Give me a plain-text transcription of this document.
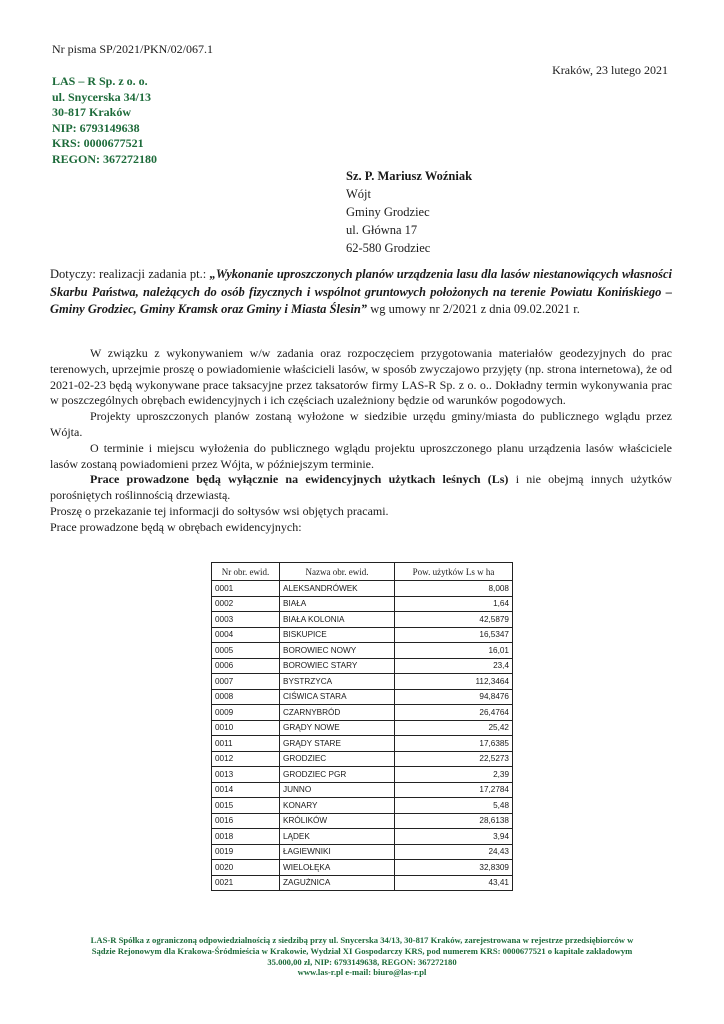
Nr pisma SP/2021/PKN/02/067.1
Kraków, 23 lutego 2021
LAS – R Sp. z o. o.
ul. Snycerska 34/13
30-817 Kraków
NIP: 6793149638
KRS: 0000677521
REGON: 367272180
Sz. P. Mariusz Woźniak
Wójt
Gminy Grodziec
ul. Główna 17
62-580 Grodziec
Dotyczy: realizacji zadania pt.: „Wykonanie uproszczonych planów urządzenia lasu dla lasów niestanowiących własności Skarbu Państwa, należących do osób fizycznych i wspólnot gruntowych położonych na terenie Powiatu Konińskiego – Gminy Grodziec, Gminy Kramsk oraz Gminy i Miasta Ślesin” wg umowy nr 2/2021 z dnia 09.02.2021 r.

W związku z wykonywaniem w/w zadania oraz rozpoczęciem przygotowania materiałów geodezyjnych do prac terenowych, uprzejmie proszę o powiadomienie właścicieli lasów, w sposób zwyczajowo przyjęty (np. strona internetowa), że od 2021-02-23 będą wykonywane prace taksacyjne przez taksatorów firmy LAS-R Sp. z o. o.. Dokładny termin wykonywania prac w poszczególnych obrębach ewidencyjnych i ich częściach uzależniony będzie od warunków pogodowych.

Projekty uproszczonych planów zostaną wyłożone w siedzibie urzędu gminy/miasta do publicznego wglądu przez Wójta.

O terminie i miejscu wyłożenia do publicznego wglądu projektu uproszczonego planu urządzenia lasów właściciele lasów zostaną powiadomieni przez Wójta, w późniejszym terminie.

Prace prowadzone będą wyłącznie na ewidencyjnych użytkach leśnych (Ls) i nie obejmą innych użytków porośniętych roślinnością drzewiastą.

Proszę o przekazanie tej informacji do sołtysów wsi objętych pracami.

Prace prowadzone będą w obrębach ewidencyjnych:

Nr obr. ewid.	Nazwa obr. ewid.	Pow. użytków Ls w ha
0001	ALEKSANDRÓWEK	8,008
0002	BIAŁA	1,64
0003	BIAŁA KOLONIA	42,5879
0004	BISKUPICE	16,5347
0005	BOROWIEC NOWY	16,01
0006	BOROWIEC STARY	23,4
0007	BYSTRZYCA	112,3464
0008	CIŚWICA STARA	94,8476
0009	CZARNYBRÓD	26,4764
0010	GRĄDY NOWE	25,42
0011	GRĄDY STARE	17,6385
0012	GRODZIEC	22,5273
0013	GRODZIEC PGR	2,39
0014	JUNNO	17,2784
0015	KONARY	5,48
0016	KRÓLIKÓW	28,6138
0018	LĄDEK	3,94
0019	ŁAGIEWNIKI	24,43
0020	WIELOŁĘKA	32,8309
0021	ZAGUŻNICA	43,41
LAS-R Spółka z ograniczoną odpowiedzialnością z siedzibą przy ul. Snycerska 34/13, 30-817 Kraków, zarejestrowana w rejestrze przedsiębiorców w
Sądzie Rejonowym dla Krakowa-Śródmieścia w Krakowie, Wydział XI Gospodarczy KRS, pod numerem KRS: 0000677521 o kapitale zakładowym
35.000,00 zł, NIP: 6793149638, REGON: 367272180
www.las-r.pl e-mail: biuro@las-r.pl
